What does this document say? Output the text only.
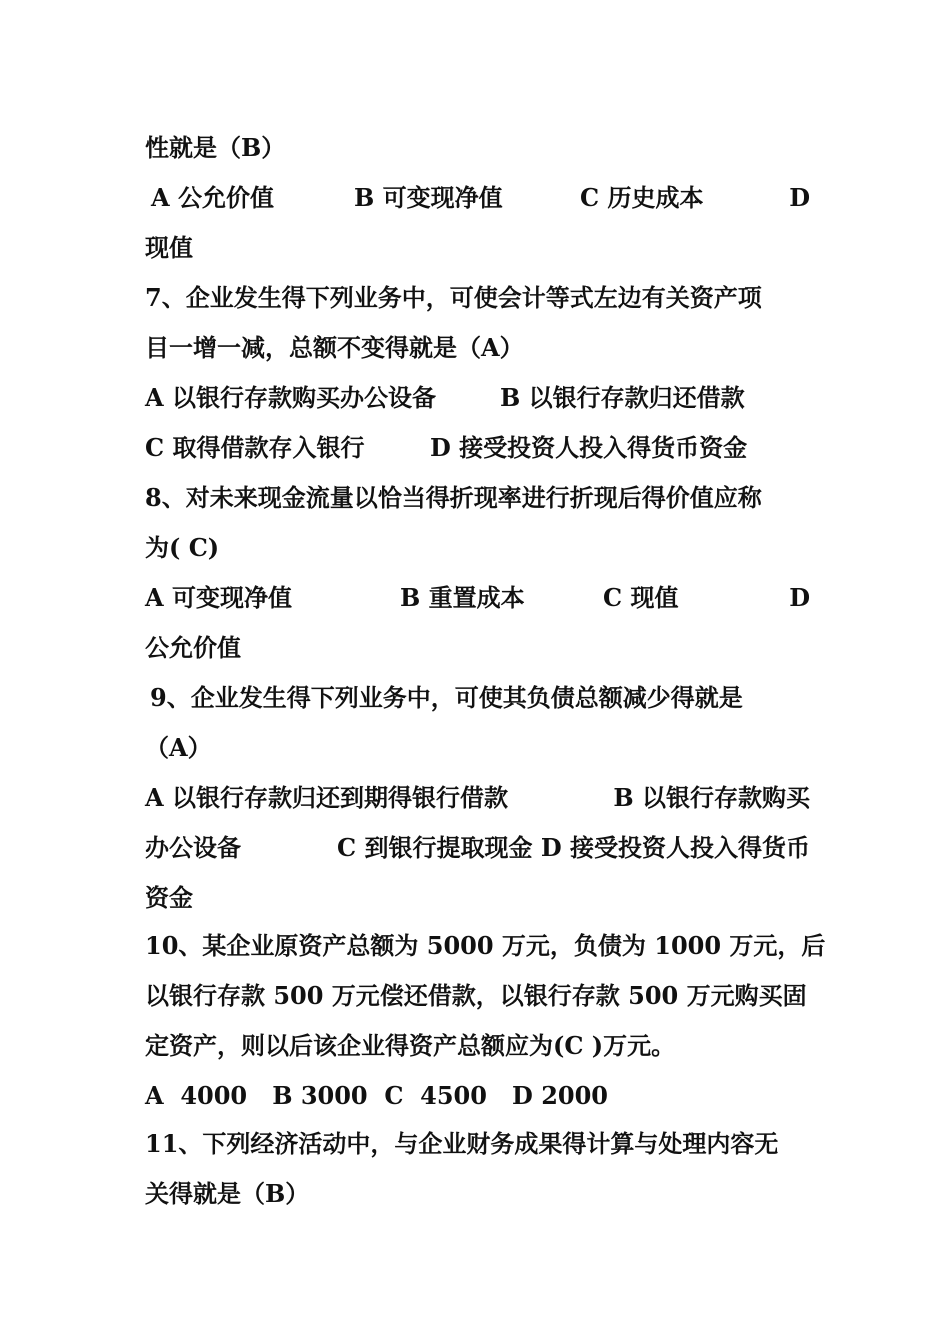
性就是（B）
A 公允价值	B 可变现净值	C 历史成本	D
现值
7、企业发生得下列业务中，可使会计等式左边有关资产项
目一增一减，总额不变得就是（A）
A 以银行存款购买办公设备	B 以银行存款归还借款
C 取得借款存入银行	D 接受投资人投入得货币资金
8、对未来现金流量以恰当得折现率进行折现后得价值应称
为( C)
A 可变现净值	B 重置成本	C 现值	D
公允价值
9、企业发生得下列业务中，可使其负债总额减少得就是
（A）
A 以银行存款归还到期得银行借款	B 以银行存款购买
办公设备	C 到银行提取现金 D 接受投资人投入得货币
资金
10、某企业原资产总额为 5000 万元，负债为 1000 万元，后
以银行存款 500 万元偿还借款，以银行存款 500 万元购买固
定资产，则以后该企业得资产总额应为(C )万元。
A  4000   B 3000  C  4500   D 2000
11、下列经济活动中，与企业财务成果得计算与处理内容无
关得就是（B）
